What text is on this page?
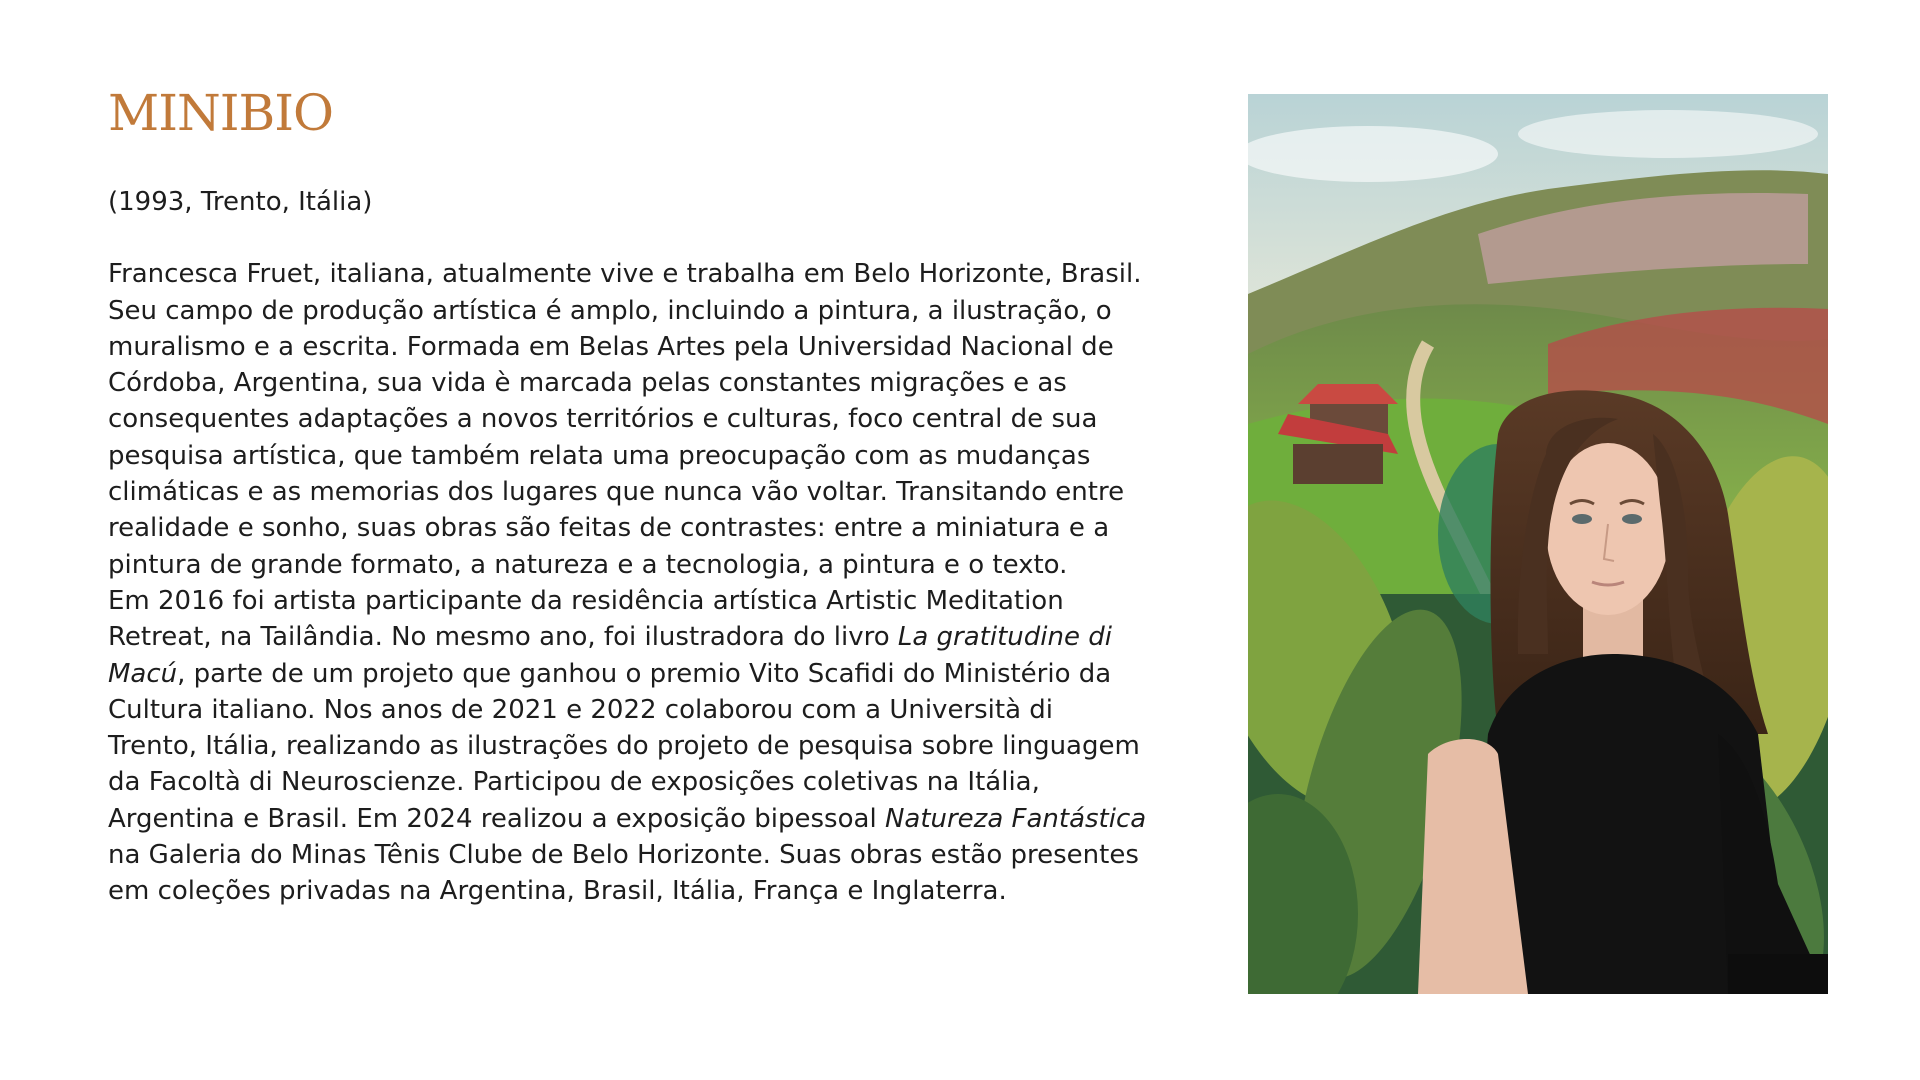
MINIBIO

(1993, Trento, Itália)

Francesca Fruet, italiana, atualmente vive e trabalha em Belo Horizonte, Brasil. Seu campo de produção artística é amplo, incluindo a pintura, a ilustração, o muralismo e a escrita. Formada em Belas Artes pela Universidad Nacional de Córdoba, Argentina, sua vida è marcada pelas constantes migrações e as consequentes adaptações a novos territórios e culturas, foco central de sua pesquisa artística, que também relata uma preocupação com as mudanças climáticas e as memorias dos lugares que nunca vão voltar. Transitando entre realidade e sonho, suas obras são feitas de contrastes: entre a miniatura e a pintura de grande formato, a natureza e a tecnologia, a pintura e o texto.

Em 2016 foi artista participante da residência artística Artistic Meditation Retreat, na Tailândia. No mesmo ano, foi ilustradora do livro La gratitudine di Macú, parte de um projeto que ganhou o premio Vito Scafidi do Ministério da Cultura italiano. Nos anos de 2021 e 2022 colaborou com a Università di Trento, Itália, realizando as ilustrações do projeto de pesquisa sobre linguagem da Facoltà di Neuroscienze. Participou de exposições coletivas na Itália, Argentina e Brasil. Em 2024 realizou a exposição bipessoal Natureza Fantástica na Galeria do Minas Tênis Clube de Belo Horizonte. Suas obras estão presentes em coleções privadas na Argentina, Brasil, Itália, França e Inglaterra.
